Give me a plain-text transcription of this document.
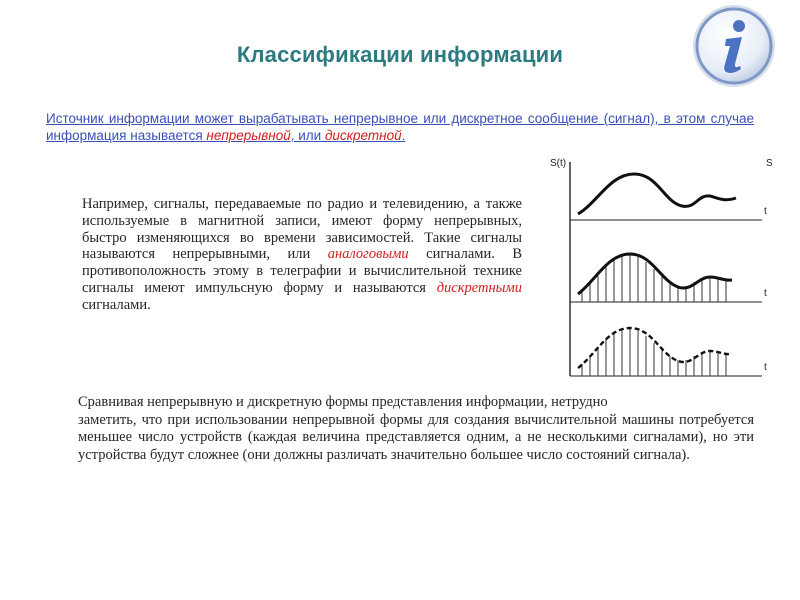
Классификации информации
Источник информации может вырабатывать непрерывное или дискретное сообщение (сигнал), в этом случае информация называется непрерывной, или дискретной.
Например, сигналы, передаваемые по радио и телевидению, а также используемые в магнитной записи, имеют форму непрерывных, быстро изменяющихся во времени зависимостей. Такие сигналы называются непрерывными, или аналоговыми сигналами. В противоположность этому в телеграфии и вычислительной технике сигналы имеют импульсную форму и называются дискретными сигналами.
S(t)	S
t
t
t
Сравнивая непрерывную и дискретную формы представления информации, нетрудно
заметить, что при использовании непрерывной формы для создания вычислительной машины потребуется меньшее число устройств (каждая величина представляется одним, а не несколькими сигналами), но эти устройства будут сложнее (они должны различать значительно большее число состояний сигнала).
